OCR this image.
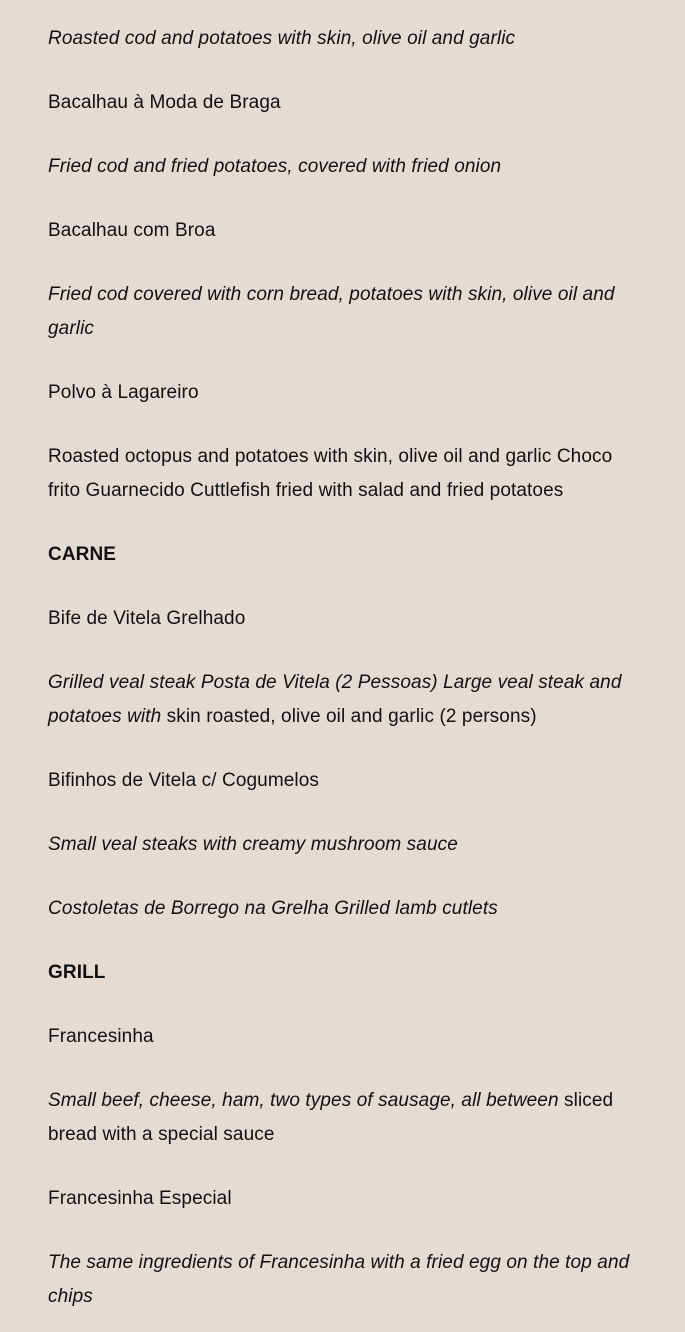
Roasted cod and potatoes with skin, olive oil and garlic

Bacalhau à Moda de Braga

Fried cod and fried potatoes, covered with fried onion

Bacalhau com Broa

Fried cod covered with corn bread, potatoes with skin, olive oil and garlic

Polvo à Lagareiro

Roasted octopus and potatoes with skin, olive oil and garlic Choco frito Guarnecido Cuttlefish fried with salad and fried potatoes

CARNE

Bife de Vitela Grelhado

Grilled veal steak Posta de Vitela (2 Pessoas) Large veal steak and potatoes with skin roasted, olive oil and garlic (2 persons)

Bifinhos de Vitela c/ Cogumelos

Small veal steaks with creamy mushroom sauce

Costoletas de Borrego na Grelha Grilled lamb cutlets

GRILL

Francesinha

Small beef, cheese, ham, two types of sausage, all between sliced bread with a special sauce

Francesinha Especial

The same ingredients of Francesinha with a fried egg on the top and chips
